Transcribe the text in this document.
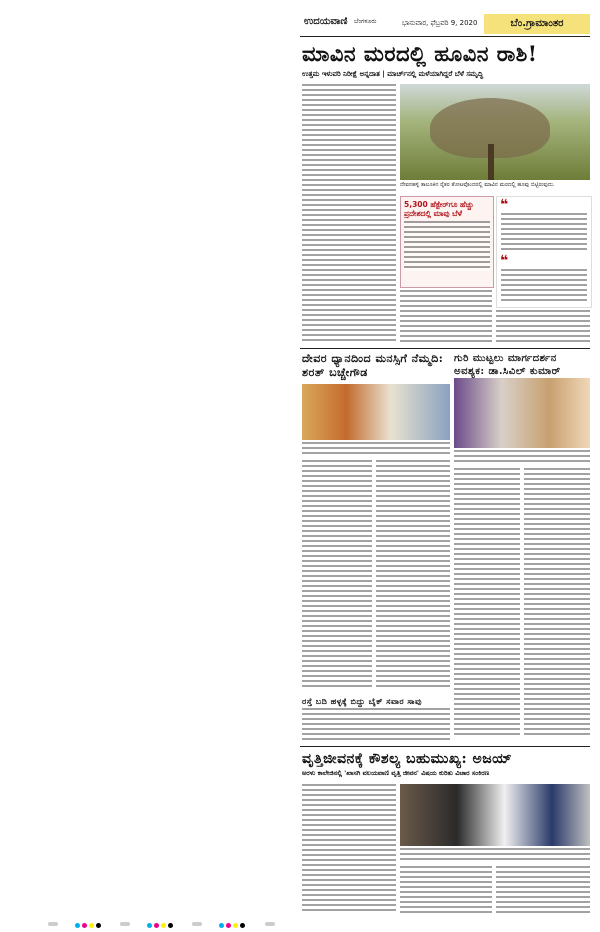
ಉದಯವಾಣಿ ಬೆಂಗಳೂರು	ಭಾನುವಾರ, ಫೆಬ್ರವರಿ 9, 2020	ಬೆಂ.ಗ್ರಾಮಾಂತರ
ಮಾವಿನ ಮರದಲ್ಲಿ ಹೂವಿನ ರಾಶಿ!
ಉತ್ತಮ ಇಳುವರಿ ನಿರೀಕ್ಷೆ ಅನ್ನದಾತ | ಮಾರ್ಚ್‌ನಲ್ಲಿ ಮಳೆಯಾಗಿದ್ದರೆ ಬೆಳೆ ಸಮೃದ್ಧಿ
ದೇವನಹಳ್ಳಿ ತಾಲೂಕಿನ ರೈತರ ತೋಟವೊಂದರಲ್ಲಿ ಮಾವಿನ ಮರದಲ್ಲಿ ಹೂವು ಬಿಟ್ಟಿರುವುದು.
5,300 ಹೆಕ್ಟೇರ್‌ಗೂ ಹೆಚ್ಚು ಪ್ರದೇಶದಲ್ಲಿ ಮಾವು ಬೆಳೆ
❝
❝
ದೇವರ ಧ್ಯಾನದಿಂದ ಮನಸ್ಸಿಗೆ ನೆಮ್ಮದಿ: ಶರತ್ ಬಚ್ಚೇಗೌಡ
ಗುರಿ ಮುಟ್ಟಲು ಮಾರ್ಗದರ್ಶನ ಅವಶ್ಯಕ: ಡಾ.ಸಿವಿಲ್ ಕುಮಾರ್
ರಸ್ತೆ ಬದಿ ಹಳ್ಳಕ್ಕೆ ಬಿದ್ದು ಬೈಕ್ ಸವಾರ ಸಾವು
ವೃತ್ತಿಜೀವನಕ್ಕೆ ಕೌಶಲ್ಯ ಬಹುಮುಖ್ಯ: ಅಜಯ್
ಅರಳು ಕಾಲೇಜಿನಲ್ಲಿ 'ಖಾಸಗಿ ವಲಯವಾಣಿ ವೃತ್ತಿ ಜೀವನ' ವಿಷಯ ಕುರಿತು ವಿಚಾರ ಸಂಕಿರಣ
